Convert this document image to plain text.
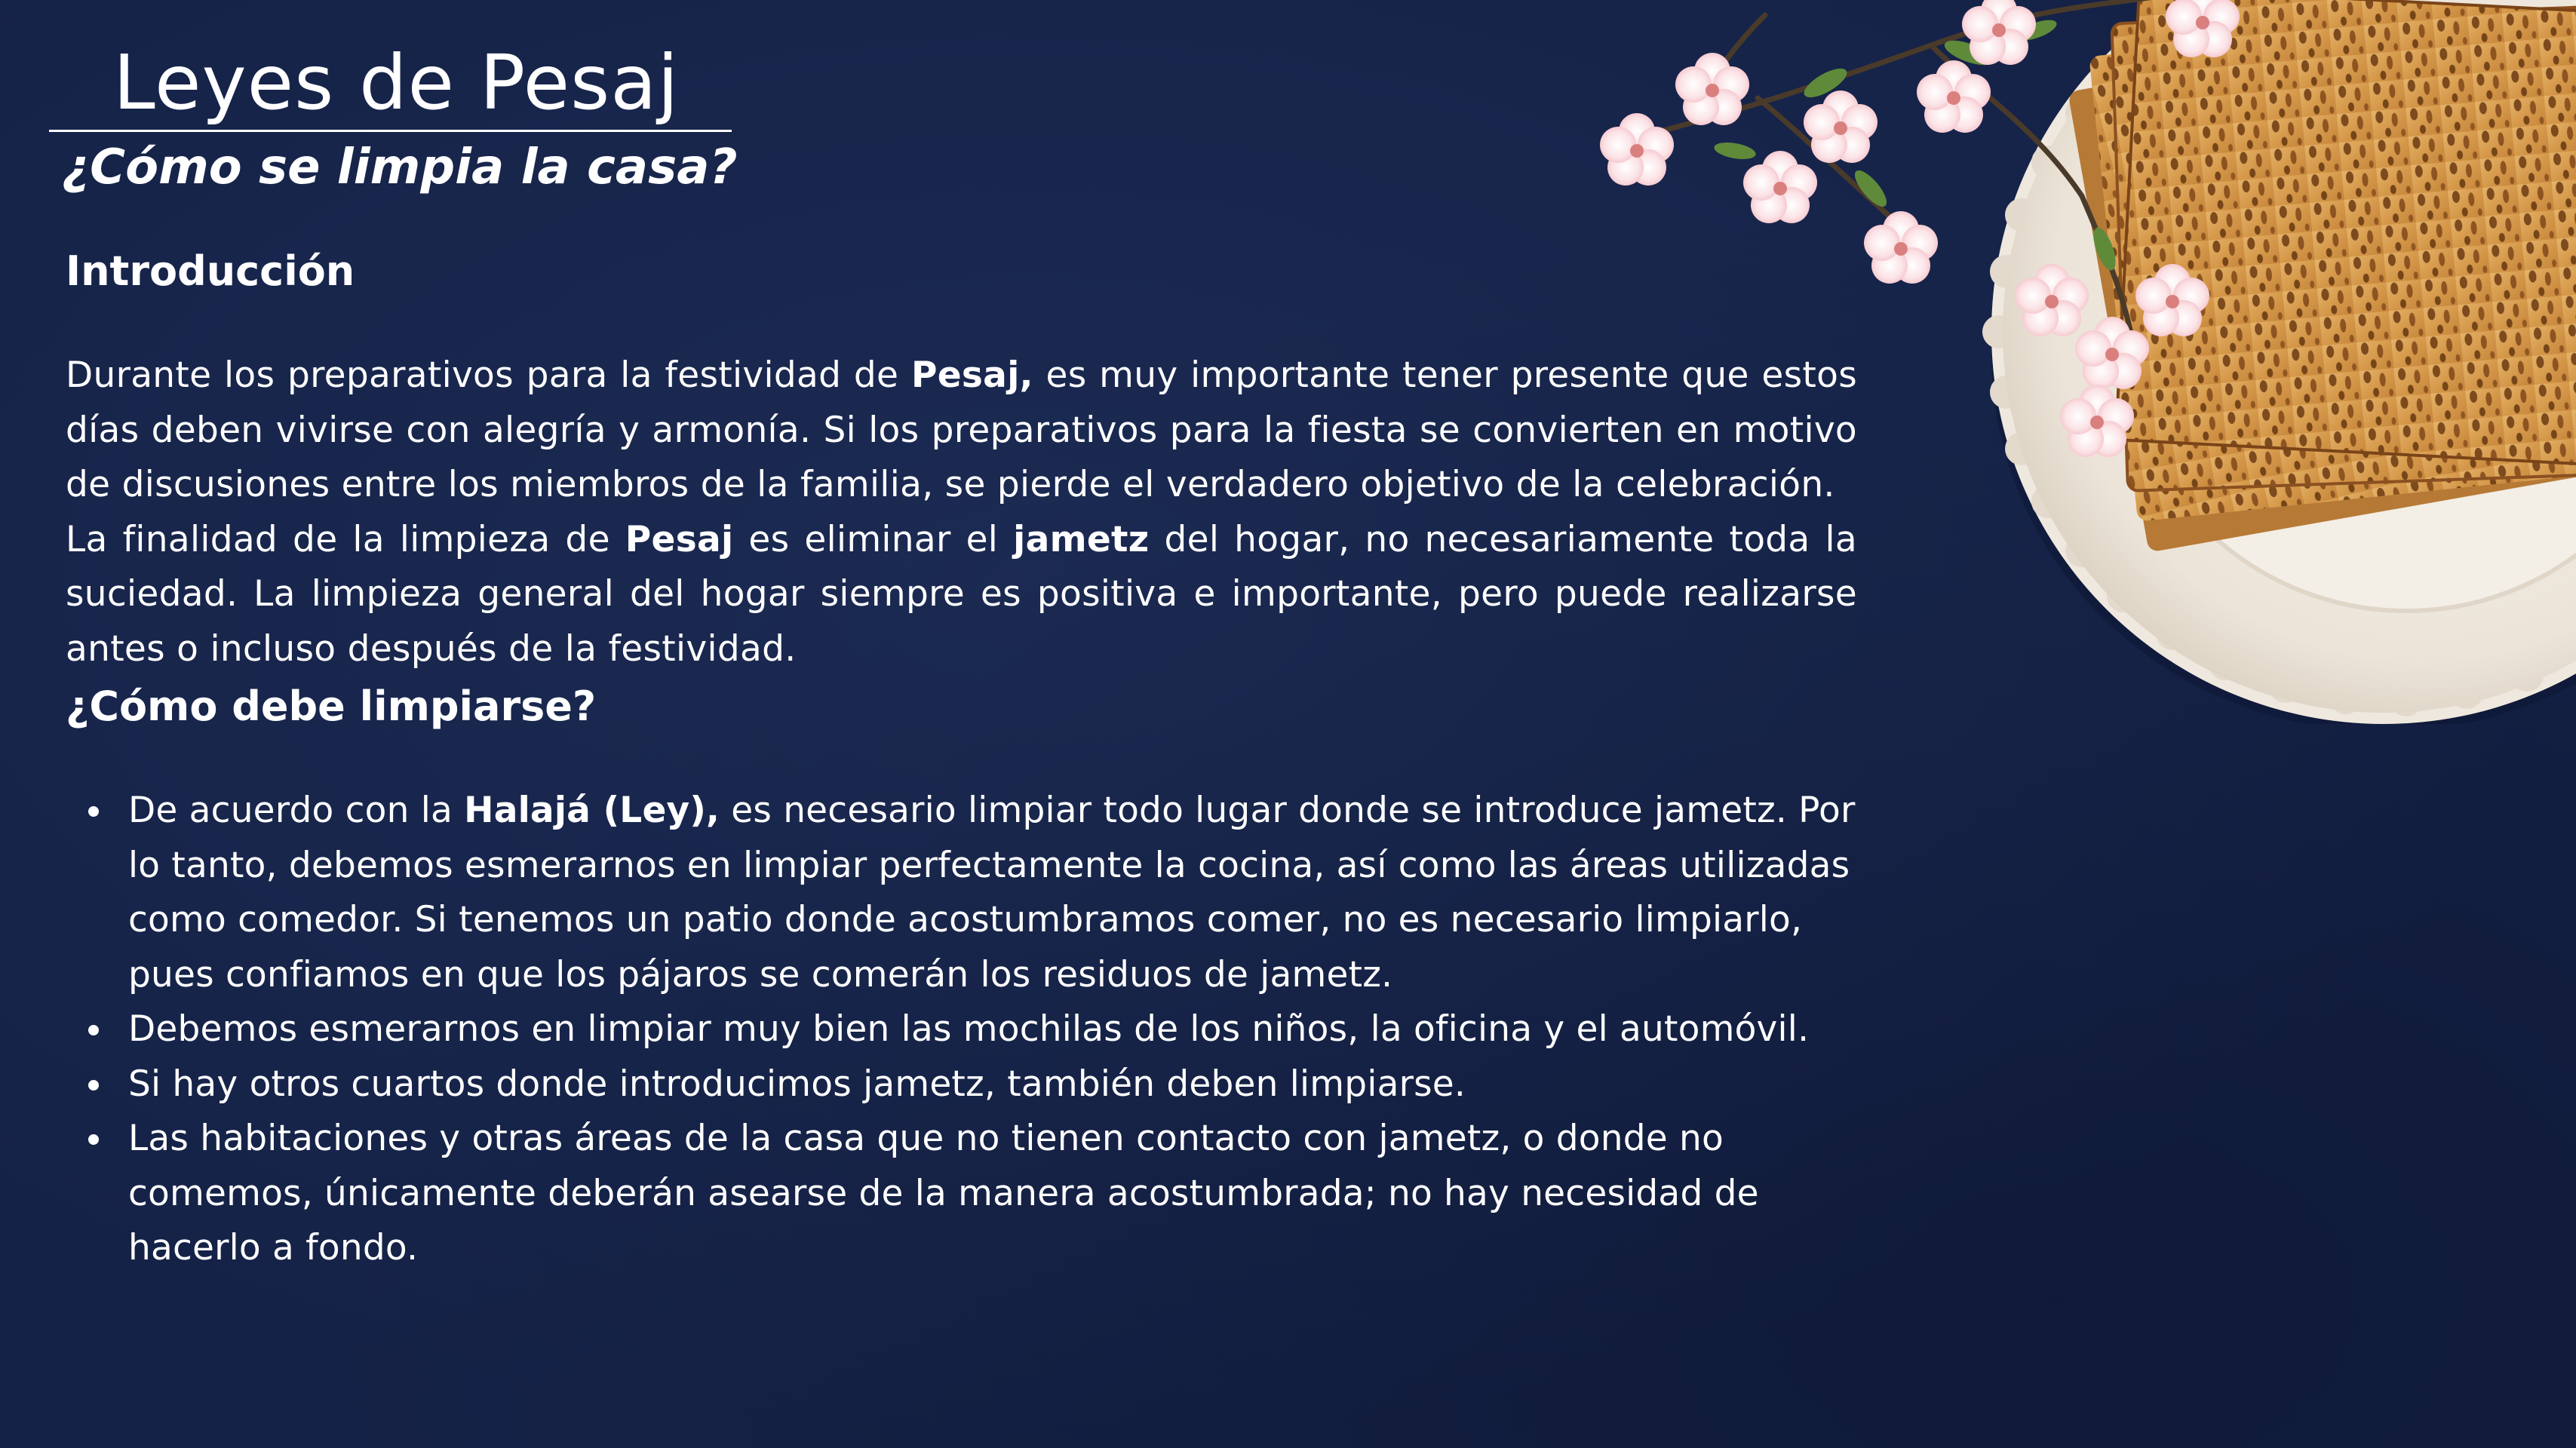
Leyes de Pesaj
¿Cómo se limpia la casa?
Introducción

Durante los preparativos para la festividad de Pesaj, es muy importante tener presente que estos días deben vivirse con alegría y armonía. Si los preparativos para la fiesta se convierten en motivo de discusiones entre los miembros de la familia, se pierde el verdadero objetivo de la celebración.

La finalidad de la limpieza de Pesaj es eliminar el jametz del hogar, no necesariamente toda la suciedad. La limpieza general del hogar siempre es positiva e importante, pero puede realizarse antes o incluso después de la festividad.

¿Cómo debe limpiarse?
De acuerdo con la Halajá (Ley), es necesario limpiar todo lugar donde se introduce jametz. Por lo tanto, debemos esmerarnos en limpiar perfectamente la cocina, así como las áreas utilizadas como comedor. Si tenemos un patio donde acostumbramos comer, no es necesario limpiarlo, pues confiamos en que los pájaros se comerán los residuos de jametz.
Debemos esmerarnos en limpiar muy bien las mochilas de los niños, la oficina y el automóvil.
Si hay otros cuartos donde introducimos jametz, también deben limpiarse.
Las habitaciones y otras áreas de la casa que no tienen contacto con jametz, o donde no comemos, únicamente deberán asearse de la manera acostumbrada; no hay necesidad de hacerlo a fondo.
